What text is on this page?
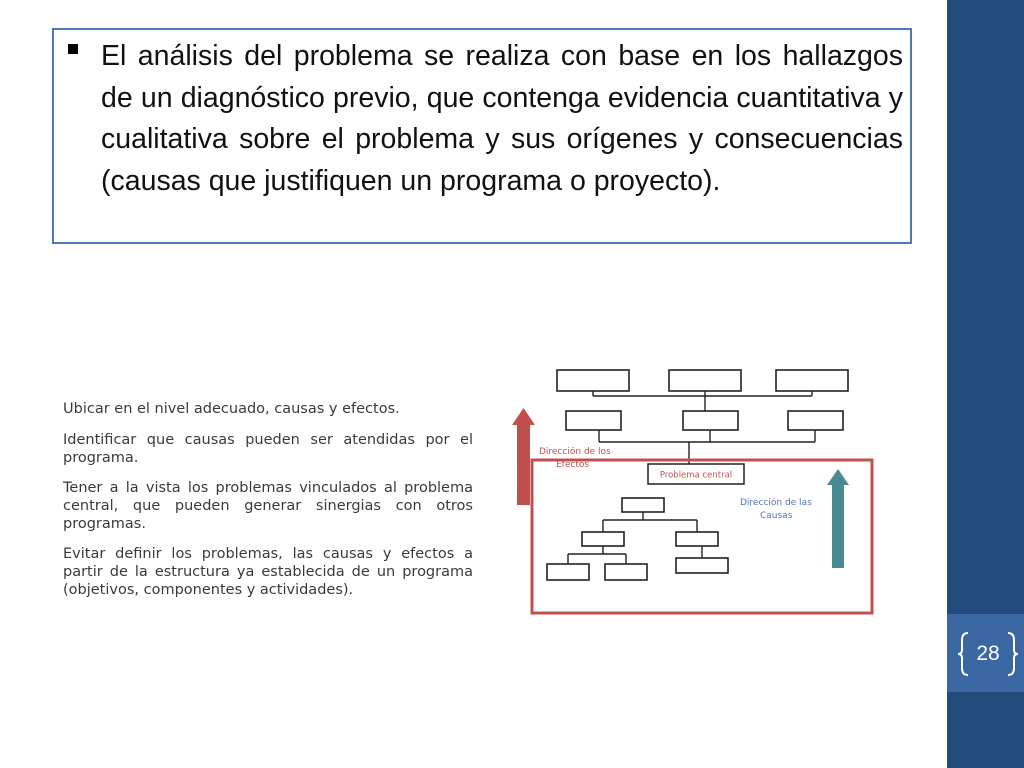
28

El análisis del problema se realiza con base en los hallazgos de un diagnóstico previo, que contenga evidencia cuantitativa y cualitativa sobre el problema y sus orígenes y consecuencias (causas que justifiquen un programa o proyecto).

Ubicar en el nivel adecuado, causas y efectos.
Identificar que causas pueden ser atendidas por el programa.
Tener a la vista los problemas vinculados al problema central, que pueden generar sinergias con otros programas.
Evitar definir los problemas, las causas y efectos a partir de la estructura ya establecida de un programa (objetivos, componentes y actividades).
Dirección de los
Efectos
Problema central
Dirección de las
Causas
